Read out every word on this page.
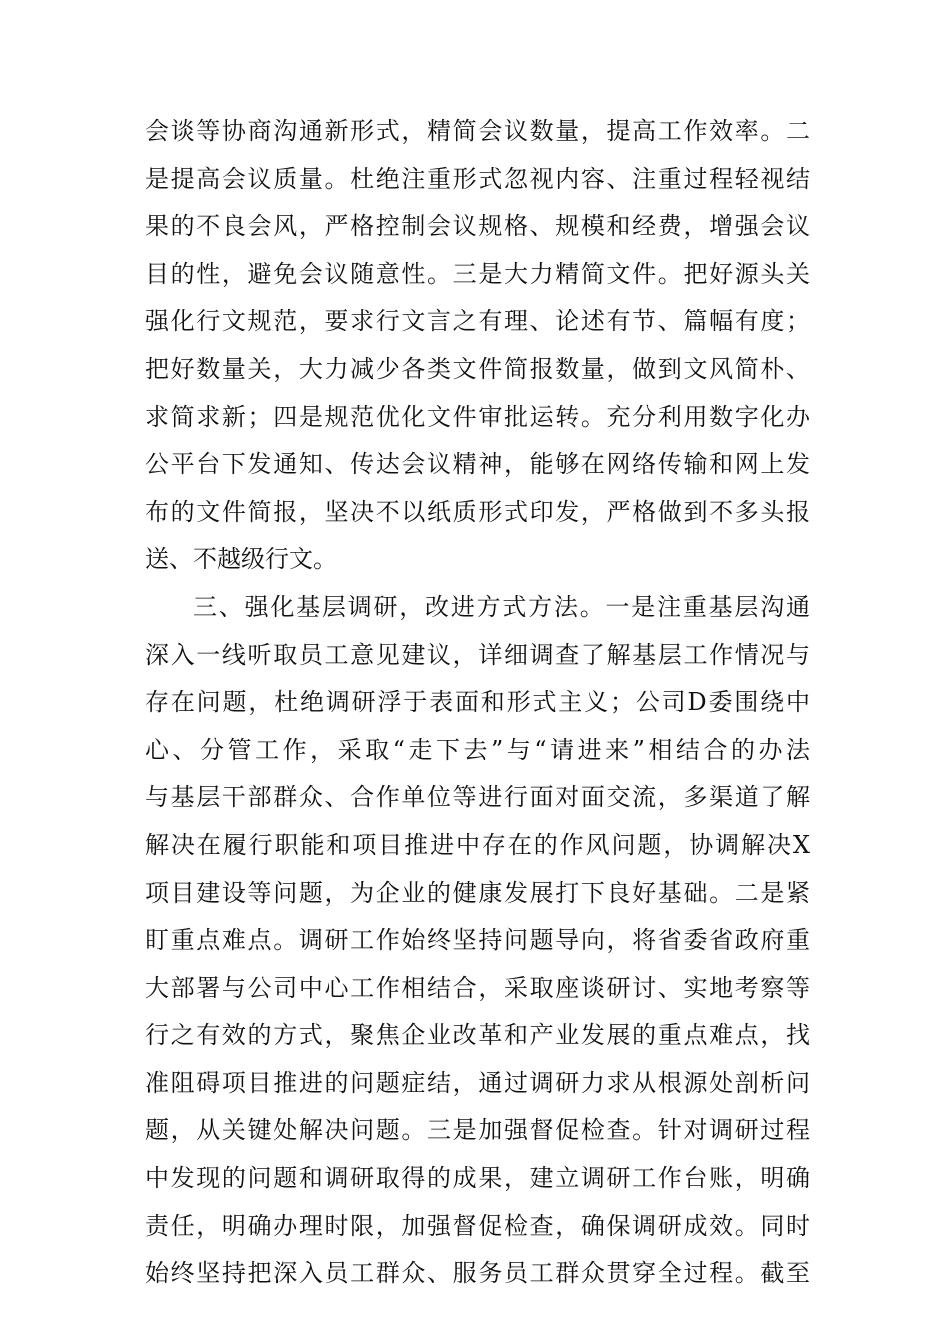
会谈等协商沟通新形式，精简会议数量，提高工作效率。二
是提高会议质量。杜绝注重形式忽视内容、注重过程轻视结
果的不良会风，严格控制会议规格、规模和经费，增强会议
目的性，避免会议随意性。三是大力精简文件。把好源头关
强化行文规范，要求行文言之有理、论述有节、篇幅有度；
把好数量关，大力减少各类文件简报数量，做到文风简朴、
求简求新；四是规范优化文件审批运转。充分利用数字化办
公平台下发通知、传达会议精神，能够在网络传输和网上发
布的文件简报，坚决不以纸质形式印发，严格做到不多头报
送、不越级行文。
三、强化基层调研，改进方式方法。一是注重基层沟通
深入一线听取员工意见建议，详细调查了解基层工作情况与
存在问题，杜绝调研浮于表面和形式主义；公司D委围绕中
心、分管工作，采取“走下去”与“请进来”相结合的办法
与基层干部群众、合作单位等进行面对面交流，多渠道了解
解决在履行职能和项目推进中存在的作风问题，协调解决X
项目建设等问题，为企业的健康发展打下良好基础。二是紧
盯重点难点。调研工作始终坚持问题导向，将省委省政府重
大部署与公司中心工作相结合，采取座谈研讨、实地考察等
行之有效的方式，聚焦企业改革和产业发展的重点难点，找
准阻碍项目推进的问题症结，通过调研力求从根源处剖析问
题，从关键处解决问题。三是加强督促检查。针对调研过程
中发现的问题和调研取得的成果，建立调研工作台账，明确
责任，明确办理时限，加强督促检查，确保调研成效。同时
始终坚持把深入员工群众、服务员工群众贯穿全过程。截至
